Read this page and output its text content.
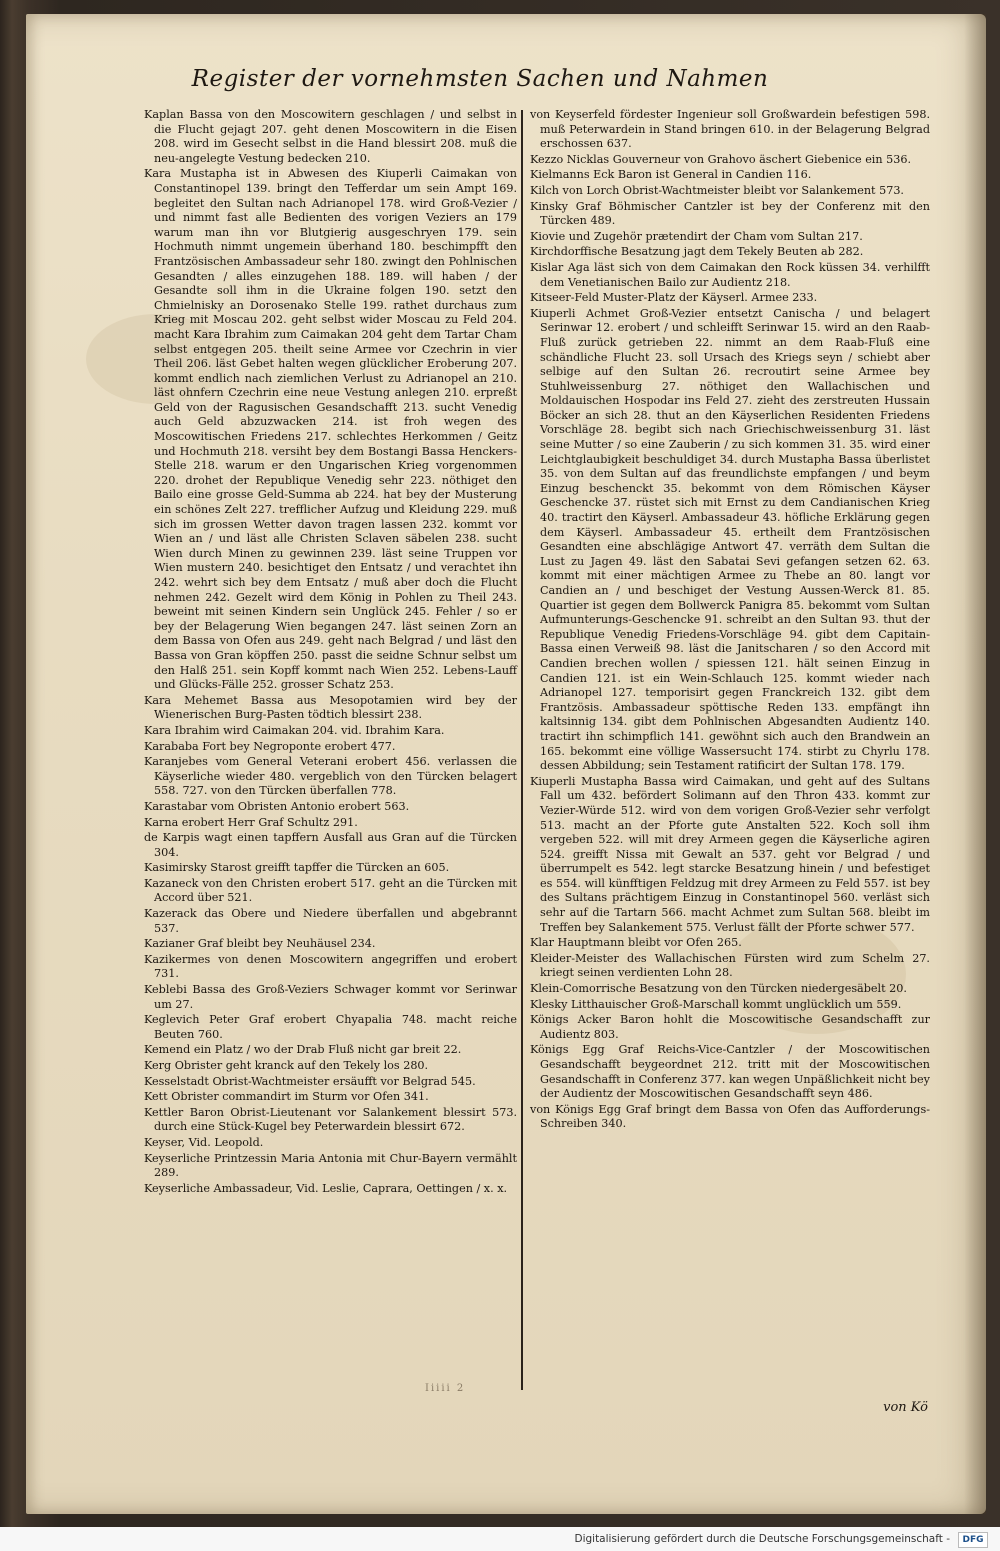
Register der vornehmsten Sachen und Nahmen

Kaplan Bassa von den Moscowitern geschlagen / und selbst in die Flucht gejagt 207. geht denen Moscowitern in die Eisen 208. wird im Gesecht selbst in die Hand blessirt 208. muß die neu-angelegte Vestung bedecken 210.

Kara Mustapha ist in Abwesen des Kiuperli Caimakan von Constantinopel 139. bringt den Tefferdar um sein Ampt 169. begleitet den Sultan nach Adrianopel 178. wird Groß-Vezier / und nimmt fast alle Bedienten des vorigen Veziers an 179 warum man ihn vor Blutgierig ausgeschryen 179. sein Hochmuth nimmt ungemein überhand 180. beschimpfft den Frantzösischen Ambassadeur sehr 180. zwingt den Pohlnischen Gesandten / alles einzugehen 188. 189. will haben / der Gesandte soll ihm in die Ukraine folgen 190. setzt den Chmielnisky an Dorosenako Stelle 199. rathet durchaus zum Krieg mit Moscau 202. geht selbst wider Moscau zu Feld 204. macht Kara Ibrahim zum Caimakan 204 geht dem Tartar Cham selbst entgegen 205. theilt seine Armee vor Czechrin in vier Theil 206. läst Gebet halten wegen glücklicher Eroberung 207. kommt endlich nach ziemlichen Verlust zu Adrianopel an 210. läst ohnfern Czechrin eine neue Vestung anlegen 210. erpreßt Geld von der Ragusischen Gesandschafft 213. sucht Venedig auch Geld abzuzwacken 214. ist froh wegen des Moscowitischen Friedens 217. schlechtes Herkommen / Geitz und Hochmuth 218. versiht bey dem Bostangi Bassa Henckers-Stelle 218. warum er den Ungarischen Krieg vorgenommen 220. drohet der Republique Venedig sehr 223. nöthiget den Bailo eine grosse Geld-Summa ab 224. hat bey der Musterung ein schönes Zelt 227. trefflicher Aufzug und Kleidung 229. muß sich im grossen Wetter davon tragen lassen 232. kommt vor Wien an / und läst alle Christen Sclaven säbelen 238. sucht Wien durch Minen zu gewinnen 239. läst seine Truppen vor Wien mustern 240. besichtiget den Entsatz / und verachtet ihn 242. wehrt sich bey dem Entsatz / muß aber doch die Flucht nehmen 242. Gezelt wird dem König in Pohlen zu Theil 243. beweint mit seinen Kindern sein Unglück 245. Fehler / so er bey der Belagerung Wien begangen 247. läst seinen Zorn an dem Bassa von Ofen aus 249. geht nach Belgrad / und läst den Bassa von Gran köpffen 250. passt die seidne Schnur selbst um den Halß 251. sein Kopff kommt nach Wien 252. Lebens-Lauff und Glücks-Fälle 252. grosser Schatz 253.

Kara Mehemet Bassa aus Mesopotamien wird bey der Wienerischen Burg-Pasten tödtich blessirt 238.

Kara Ibrahim wird Caimakan 204. vid. Ibrahim Kara.

Karababa Fort bey Negroponte erobert 477.

Karanjebes vom General Veterani erobert 456. verlassen die Käyserliche wieder 480. vergeblich von den Türcken belagert 558. 727. von den Türcken überfallen 778.

Karastabar vom Obristen Antonio erobert 563.

Karna erobert Herr Graf Schultz 291.

de Karpis wagt einen tapffern Ausfall aus Gran auf die Türcken 304.

Kasimirsky Starost greifft tapffer die Türcken an 605.

Kazaneck von den Christen erobert 517. geht an die Türcken mit Accord über 521.

Kazerack das Obere und Niedere überfallen und abgebrannt 537.

Kazianer Graf bleibt bey Neuhäusel 234.

Kazikermes von denen Moscowitern angegriffen und erobert 731.

Keblebi Bassa des Groß-Veziers Schwager kommt vor Serinwar um 27.

Keglevich Peter Graf erobert Chyapalia 748. macht reiche Beuten 760.

Kemend ein Platz / wo der Drab Fluß nicht gar breit 22.

Kerg Obrister geht kranck auf den Tekely los 280.

Kesselstadt Obrist-Wachtmeister ersäufft vor Belgrad 545.

Kett Obrister commandirt im Sturm vor Ofen 341.

Kettler Baron Obrist-Lieutenant vor Salankement blessirt 573. durch eine Stück-Kugel bey Peterwardein blessirt 672.

Keyser, Vid. Leopold.

Keyserliche Printzessin Maria Antonia mit Chur-Bayern vermählt 289.

Keyserliche Ambassadeur, Vid. Leslie, Caprara, Oettingen / x. x.

von Keyserfeld fördester Ingenieur soll Großwardein befestigen 598. muß Peterwardein in Stand bringen 610. in der Belagerung Belgrad erschossen 637.

Kezzo Nicklas Gouverneur von Grahovo äschert Giebenice ein 536.

Kielmanns Eck Baron ist General in Candien 116.

Kilch von Lorch Obrist-Wachtmeister bleibt vor Salankement 573.

Kinsky Graf Böhmischer Cantzler ist bey der Conferenz mit den Türcken 489.

Kiovie und Zugehör prætendirt der Cham vom Sultan 217.

Kirchdorffische Besatzung jagt dem Tekely Beuten ab 282.

Kislar Aga läst sich von dem Caimakan den Rock küssen 34. verhilfft dem Venetianischen Bailo zur Audientz 218.

Kitseer-Feld Muster-Platz der Käyserl. Armee 233.

Kiuperli Achmet Groß-Vezier entsetzt Canischa / und belagert Serinwar 12. erobert / und schleifft Serinwar 15. wird an den Raab-Fluß zurück getrieben 22. nimmt an dem Raab-Fluß eine schändliche Flucht 23. soll Ursach des Kriegs seyn / schiebt aber selbige auf den Sultan 26. recroutirt seine Armee bey Stuhlweissenburg 27. nöthiget den Wallachischen und Moldauischen Hospodar ins Feld 27. zieht des zerstreuten Hussain Böcker an sich 28. thut an den Käyserlichen Residenten Friedens Vorschläge 28. begibt sich nach Griechischweissenburg 31. läst seine Mutter / so eine Zauberin / zu sich kommen 31. 35. wird einer Leichtglaubigkeit beschuldiget 34. durch Mustapha Bassa überlistet 35. von dem Sultan auf das freundlichste empfangen / und beym Einzug beschenckt 35. bekommt von dem Römischen Käyser Geschencke 37. rüstet sich mit Ernst zu dem Candianischen Krieg 40. tractirt den Käyserl. Ambassadeur 43. höfliche Erklärung gegen dem Käyserl. Ambassadeur 45. ertheilt dem Frantzösischen Gesandten eine abschlägige Antwort 47. verräth dem Sultan die Lust zu Jagen 49. läst den Sabatai Sevi gefangen setzen 62. 63. kommt mit einer mächtigen Armee zu Thebe an 80. langt vor Candien an / und beschiget der Vestung Aussen-Werck 81. 85. Quartier ist gegen dem Bollwerck Panigra 85. bekommt vom Sultan Aufmunterungs-Geschencke 91. schreibt an den Sultan 93. thut der Republique Venedig Friedens-Vorschläge 94. gibt dem Capitain-Bassa einen Verweiß 98. läst die Janitscharen / so den Accord mit Candien brechen wollen / spiessen 121. hält seinen Einzug in Candien 121. ist ein Wein-Schlauch 125. kommt wieder nach Adrianopel 127. temporisirt gegen Franckreich 132. gibt dem Frantzösis. Ambassadeur spöttische Reden 133. empfängt ihn kaltsinnig 134. gibt dem Pohlnischen Abgesandten Audientz 140. tractirt ihn schimpflich 141. gewöhnt sich auch den Brandwein an 165. bekommt eine völlige Wassersucht 174. stirbt zu Chyrlu 178. dessen Abbildung; sein Testament ratificirt der Sultan 178. 179.

Kiuperli Mustapha Bassa wird Caimakan, und geht auf des Sultans Fall um 432. befördert Solimann auf den Thron 433. kommt zur Vezier-Würde 512. wird von dem vorigen Groß-Vezier sehr verfolgt 513. macht an der Pforte gute Anstalten 522. Koch soll ihm vergeben 522. will mit drey Armeen gegen die Käyserliche agiren 524. greifft Nissa mit Gewalt an 537. geht vor Belgrad / und überrumpelt es 542. legt starcke Besatzung hinein / und befestiget es 554. will künfftigen Feldzug mit drey Armeen zu Feld 557. ist bey des Sultans prächtigem Einzug in Constantinopel 560. verläst sich sehr auf die Tartarn 566. macht Achmet zum Sultan 568. bleibt im Treffen bey Salankement 575. Verlust fällt der Pforte schwer 577.

Klar Hauptmann bleibt vor Ofen 265.

Kleider-Meister des Wallachischen Fürsten wird zum Schelm 27. kriegt seinen verdienten Lohn 28.

Klein-Comorrische Besatzung von den Türcken niedergesäbelt 20.

Klesky Litthauischer Groß-Marschall kommt unglücklich um 559.

Königs Acker Baron hohlt die Moscowitische Gesandschafft zur Audientz 803.

Königs Egg Graf Reichs-Vice-Cantzler / der Moscowitischen Gesandschafft beygeordnet 212. tritt mit der Moscowitischen Gesandschafft in Conferenz 377. kan wegen Unpäßlichkeit nicht bey der Audientz der Moscowitischen Gesandschafft seyn 486.

von Königs Egg Graf bringt dem Bassa von Ofen das Aufforderungs-Schreiben 340.

Iiiii 2
von Kö
Digitalisierung gefördert durch die Deutsche Forschungsgemeinschaft -	DFG
